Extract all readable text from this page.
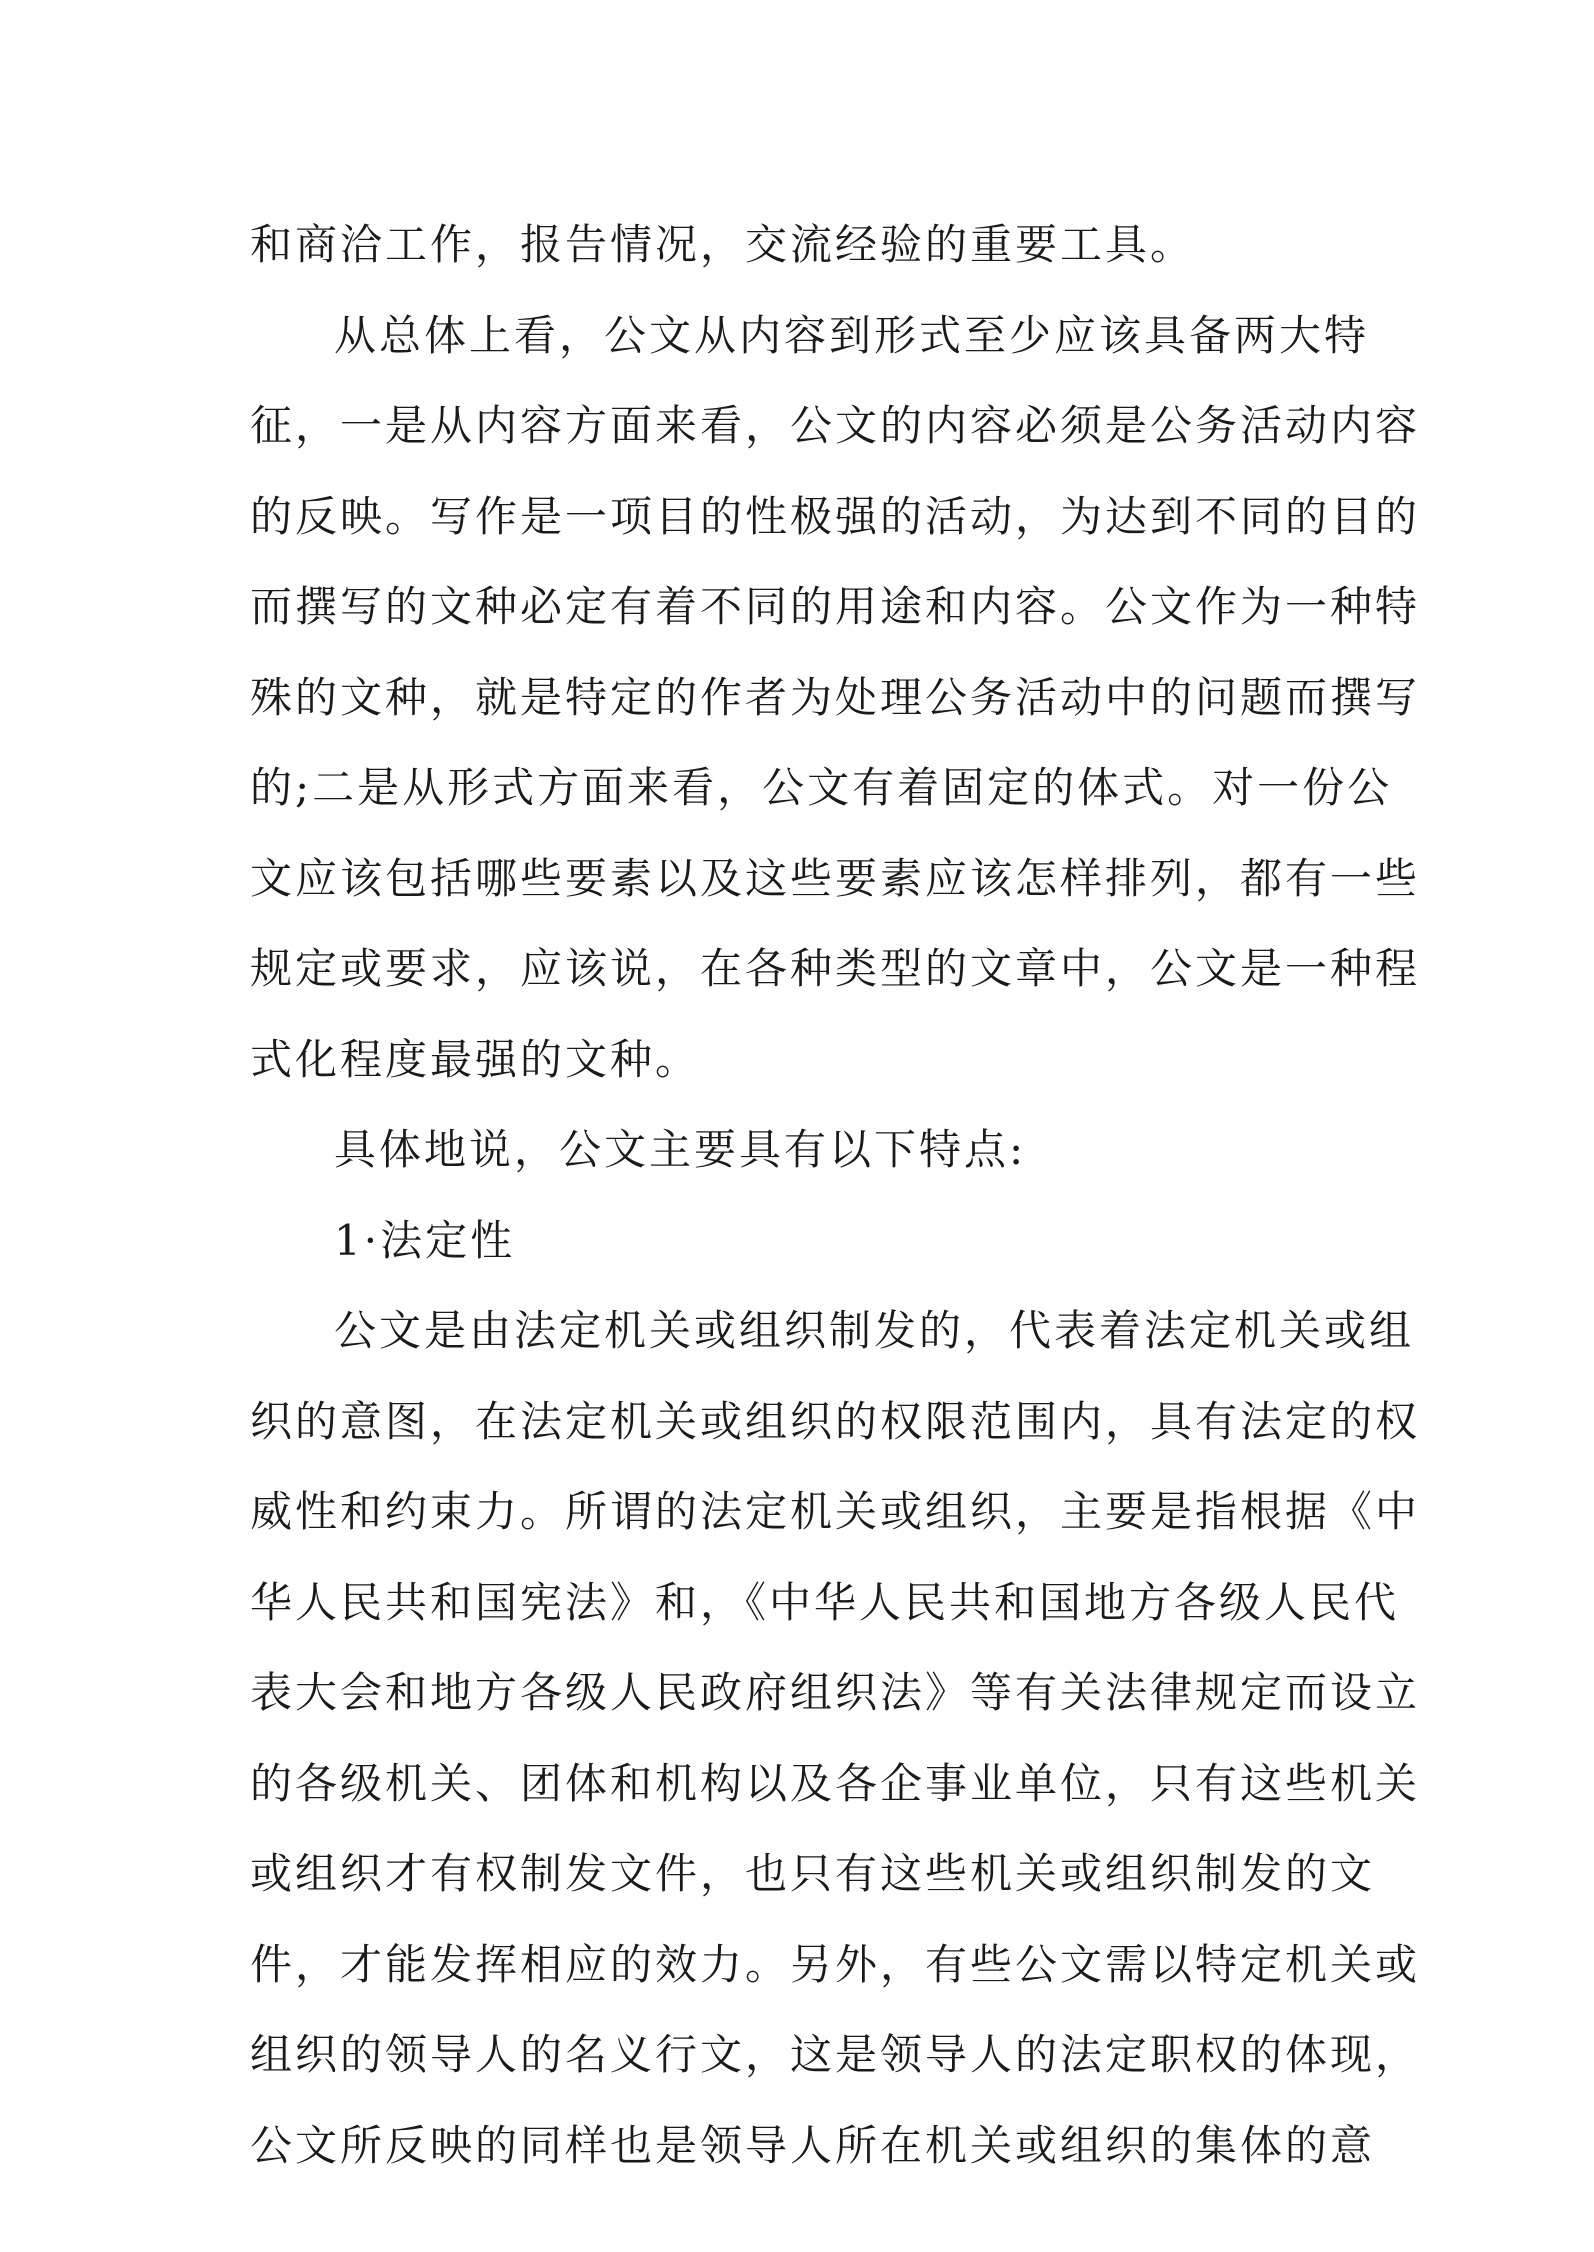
和商洽工作，报告情况，交流经验的重要工具。
从总体上看，公文从内容到形式至少应该具备两大特
征，一是从内容方面来看，公文的内容必须是公务活动内容
的反映。写作是一项目的性极强的活动，为达到不同的目的
而撰写的文种必定有着不同的用途和内容。公文作为一种特
殊的文种，就是特定的作者为处理公务活动中的问题而撰写
的;二是从形式方面来看，公文有着固定的体式。对一份公
文应该包括哪些要素以及这些要素应该怎样排列，都有一些
规定或要求，应该说，在各种类型的文章中，公文是一种程
式化程度最强的文种。
具体地说，公文主要具有以下特点:
1·法定性
公文是由法定机关或组织制发的，代表着法定机关或组
织的意图，在法定机关或组织的权限范围内，具有法定的权
威性和约束力。所谓的法定机关或组织，主要是指根据《中
华人民共和国宪法》和，《中华人民共和国地方各级人民代
表大会和地方各级人民政府组织法》等有关法律规定而设立
的各级机关、团体和机构以及各企事业单位，只有这些机关
或组织才有权制发文件，也只有这些机关或组织制发的文
件，才能发挥相应的效力。另外，有些公文需以特定机关或
组织的领导人的名义行文，这是领导人的法定职权的体现，
公文所反映的同样也是领导人所在机关或组织的集体的意
